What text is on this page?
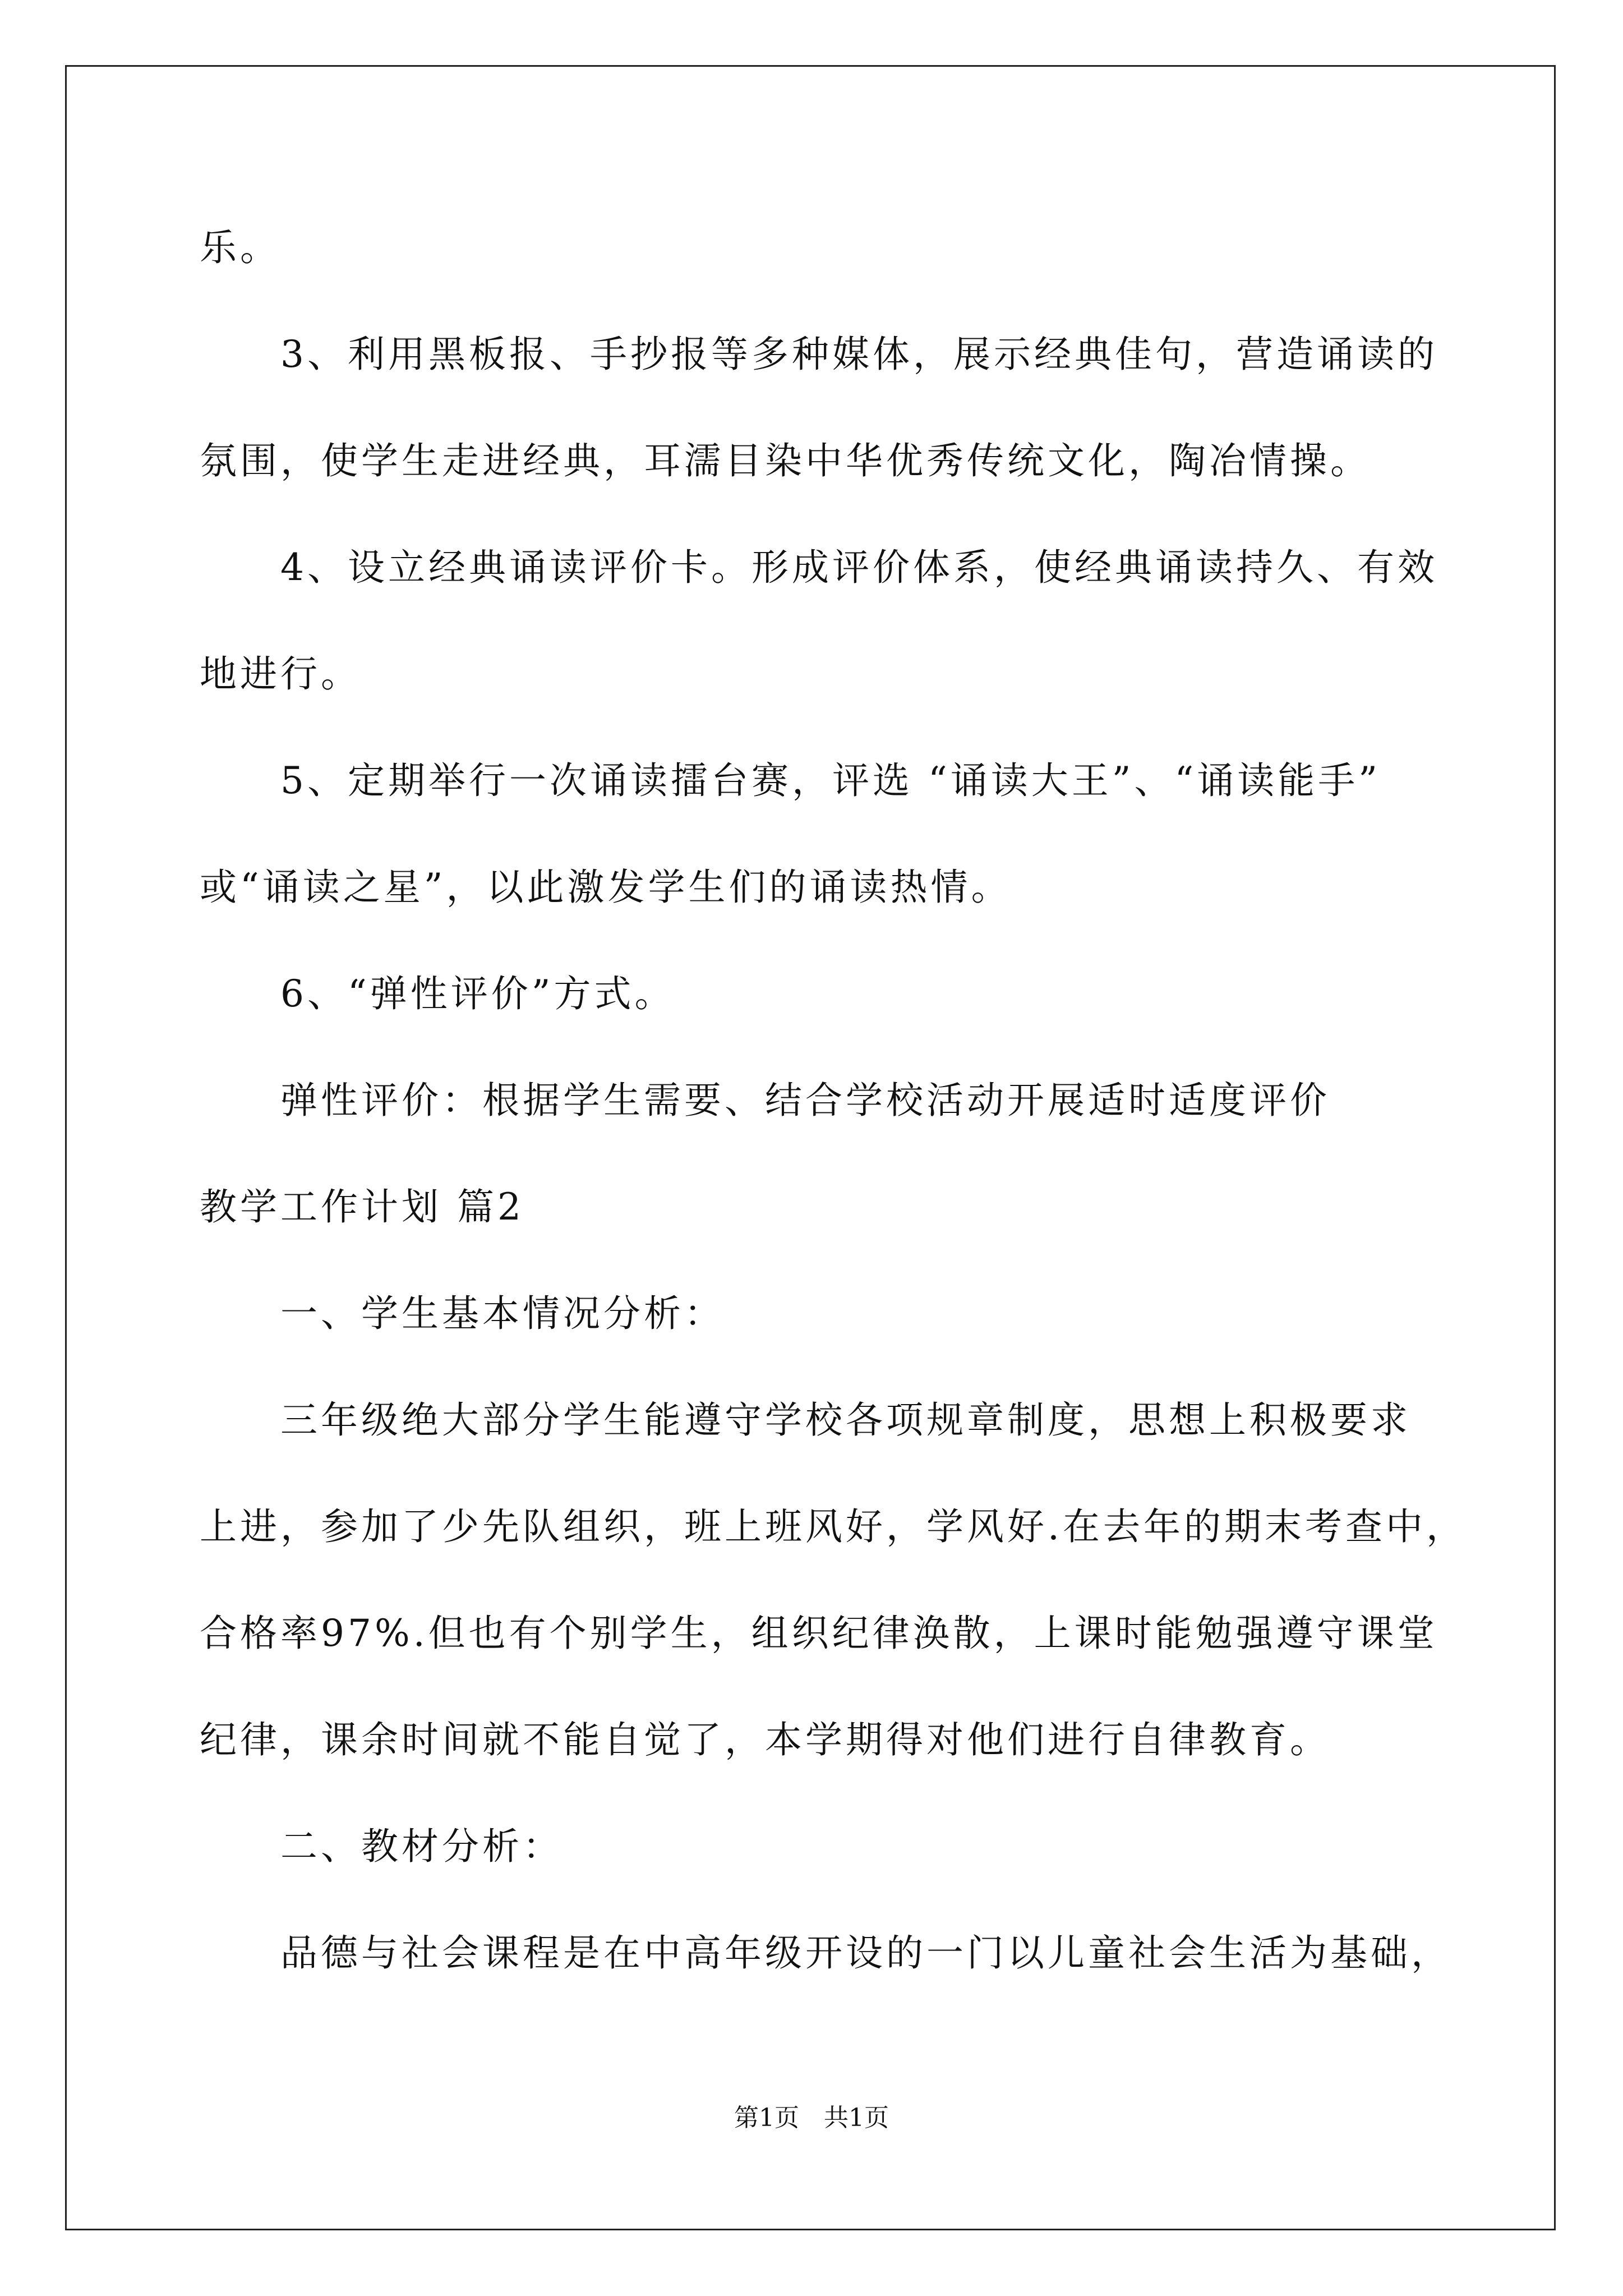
乐。
3、利用黑板报、手抄报等多种媒体，展示经典佳句，营造诵读的
氛围，使学生走进经典，耳濡目染中华优秀传统文化，陶冶情操。
4、设立经典诵读评价卡。形成评价体系，使经典诵读持久、有效
地进行。
5、定期举行一次诵读擂台赛，评选 “诵读大王”、“诵读能手”
或“诵读之星”，以此激发学生们的诵读热情。
6、“弹性评价”方式。
弹性评价：根据学生需要、结合学校活动开展适时适度评价
教学工作计划 篇2
一、学生基本情况分析：
三年级绝大部分学生能遵守学校各项规章制度，思想上积极要求
上进，参加了少先队组织，班上班风好，学风好.在去年的期末考查中，
合格率97%.但也有个别学生，组织纪律涣散，上课时能勉强遵守课堂
纪律，课余时间就不能自觉了，本学期得对他们进行自律教育。
二、教材分析：
品德与社会课程是在中高年级开设的一门以儿童社会生活为基础，
第1页 共1页
